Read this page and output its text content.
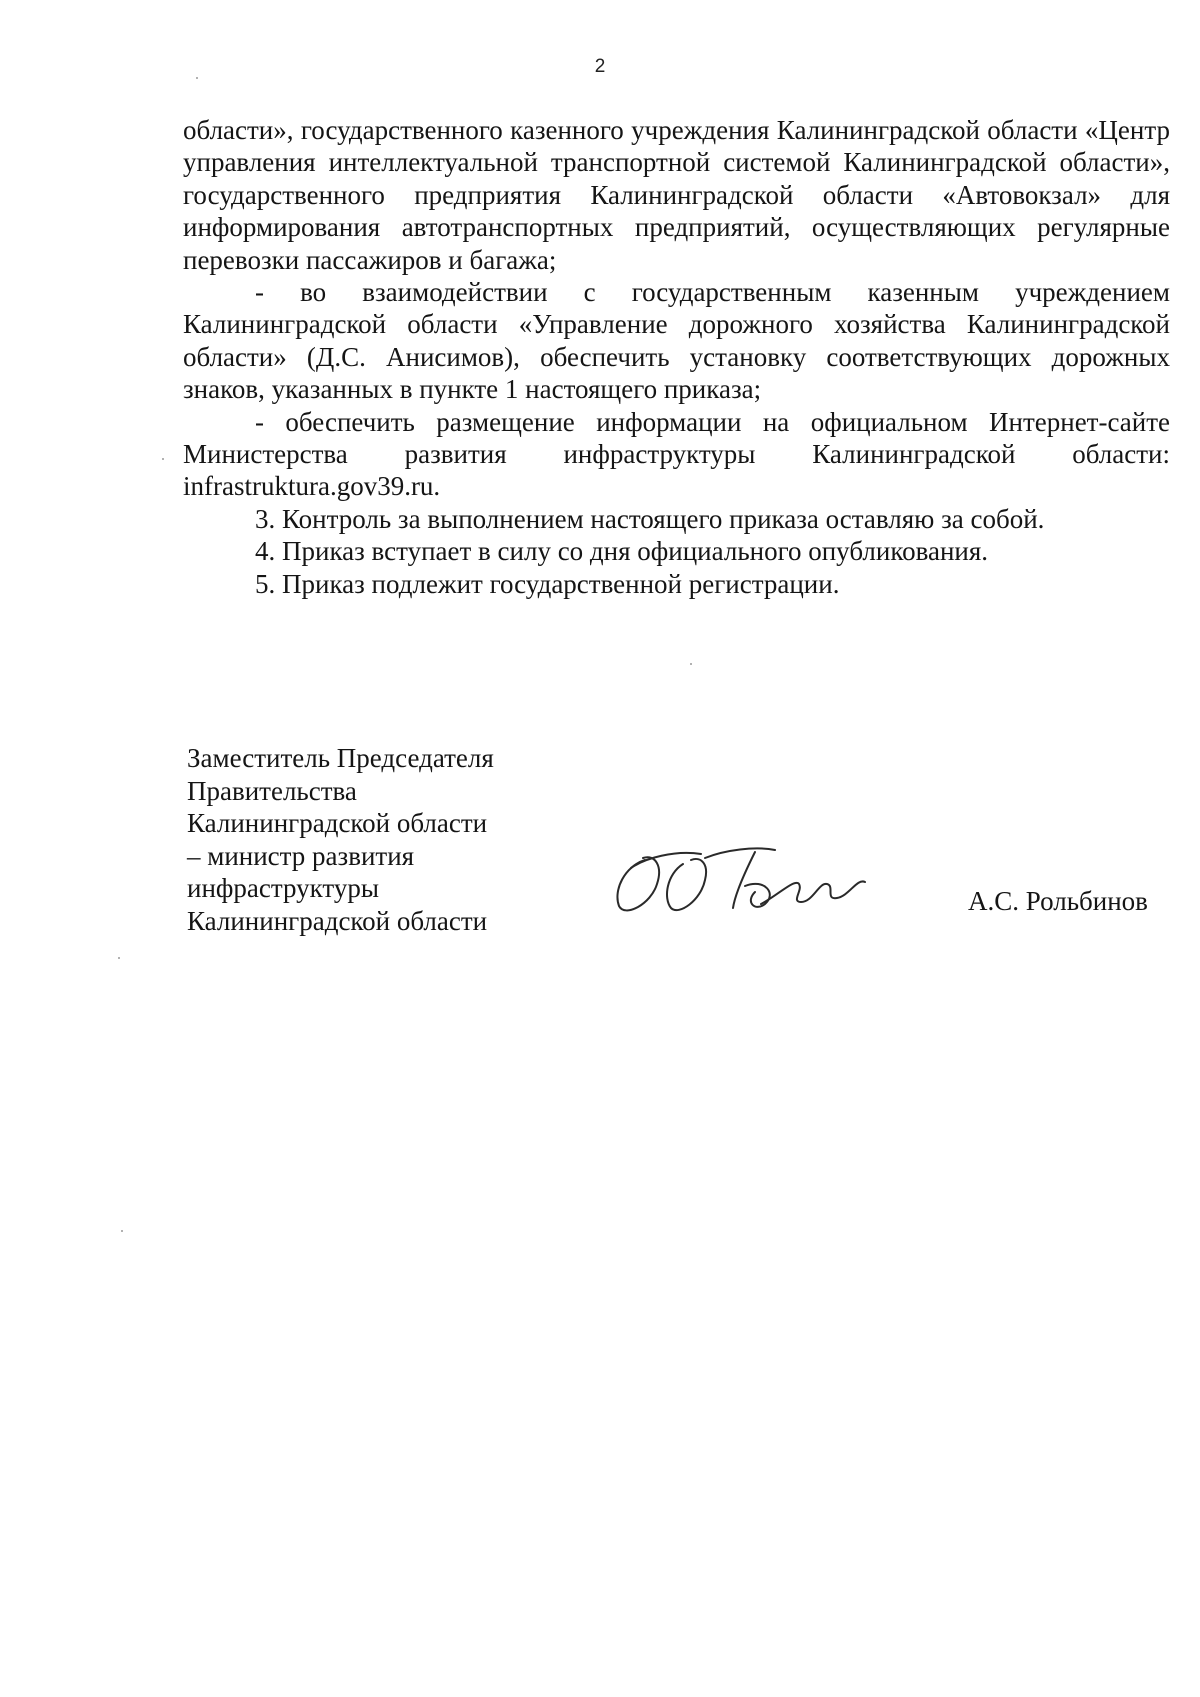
2

области», государственного казенного учреждения Калининградской области «Центр управления интеллектуальной транспортной системой Калининградской области», государственного предприятия Калининградской области «Автовокзал» для информирования автотранспортных предприятий, осуществляющих регулярные перевозки пассажиров и багажа;

- во взаимодействии с государственным казенным учреждением Калининградской области «Управление дорожного хозяйства Калининградской области» (Д.С. Анисимов), обеспечить установку соответствующих дорожных знаков, указанных в пункте 1 настоящего приказа;

- обеспечить размещение информации на официальном Интернет-сайте Министерства развития инфраструктуры Калининградской области: infrastruktura.gov39.ru.

3. Контроль за выполнением настоящего приказа оставляю за собой.

4. Приказ вступает в силу со дня официального опубликования.

5. Приказ подлежит государственной регистрации.

Заместитель Председателя
Правительства
Калининградской области
– министр развития
инфраструктуры
Калининградской области
А.С. Рольбинов
